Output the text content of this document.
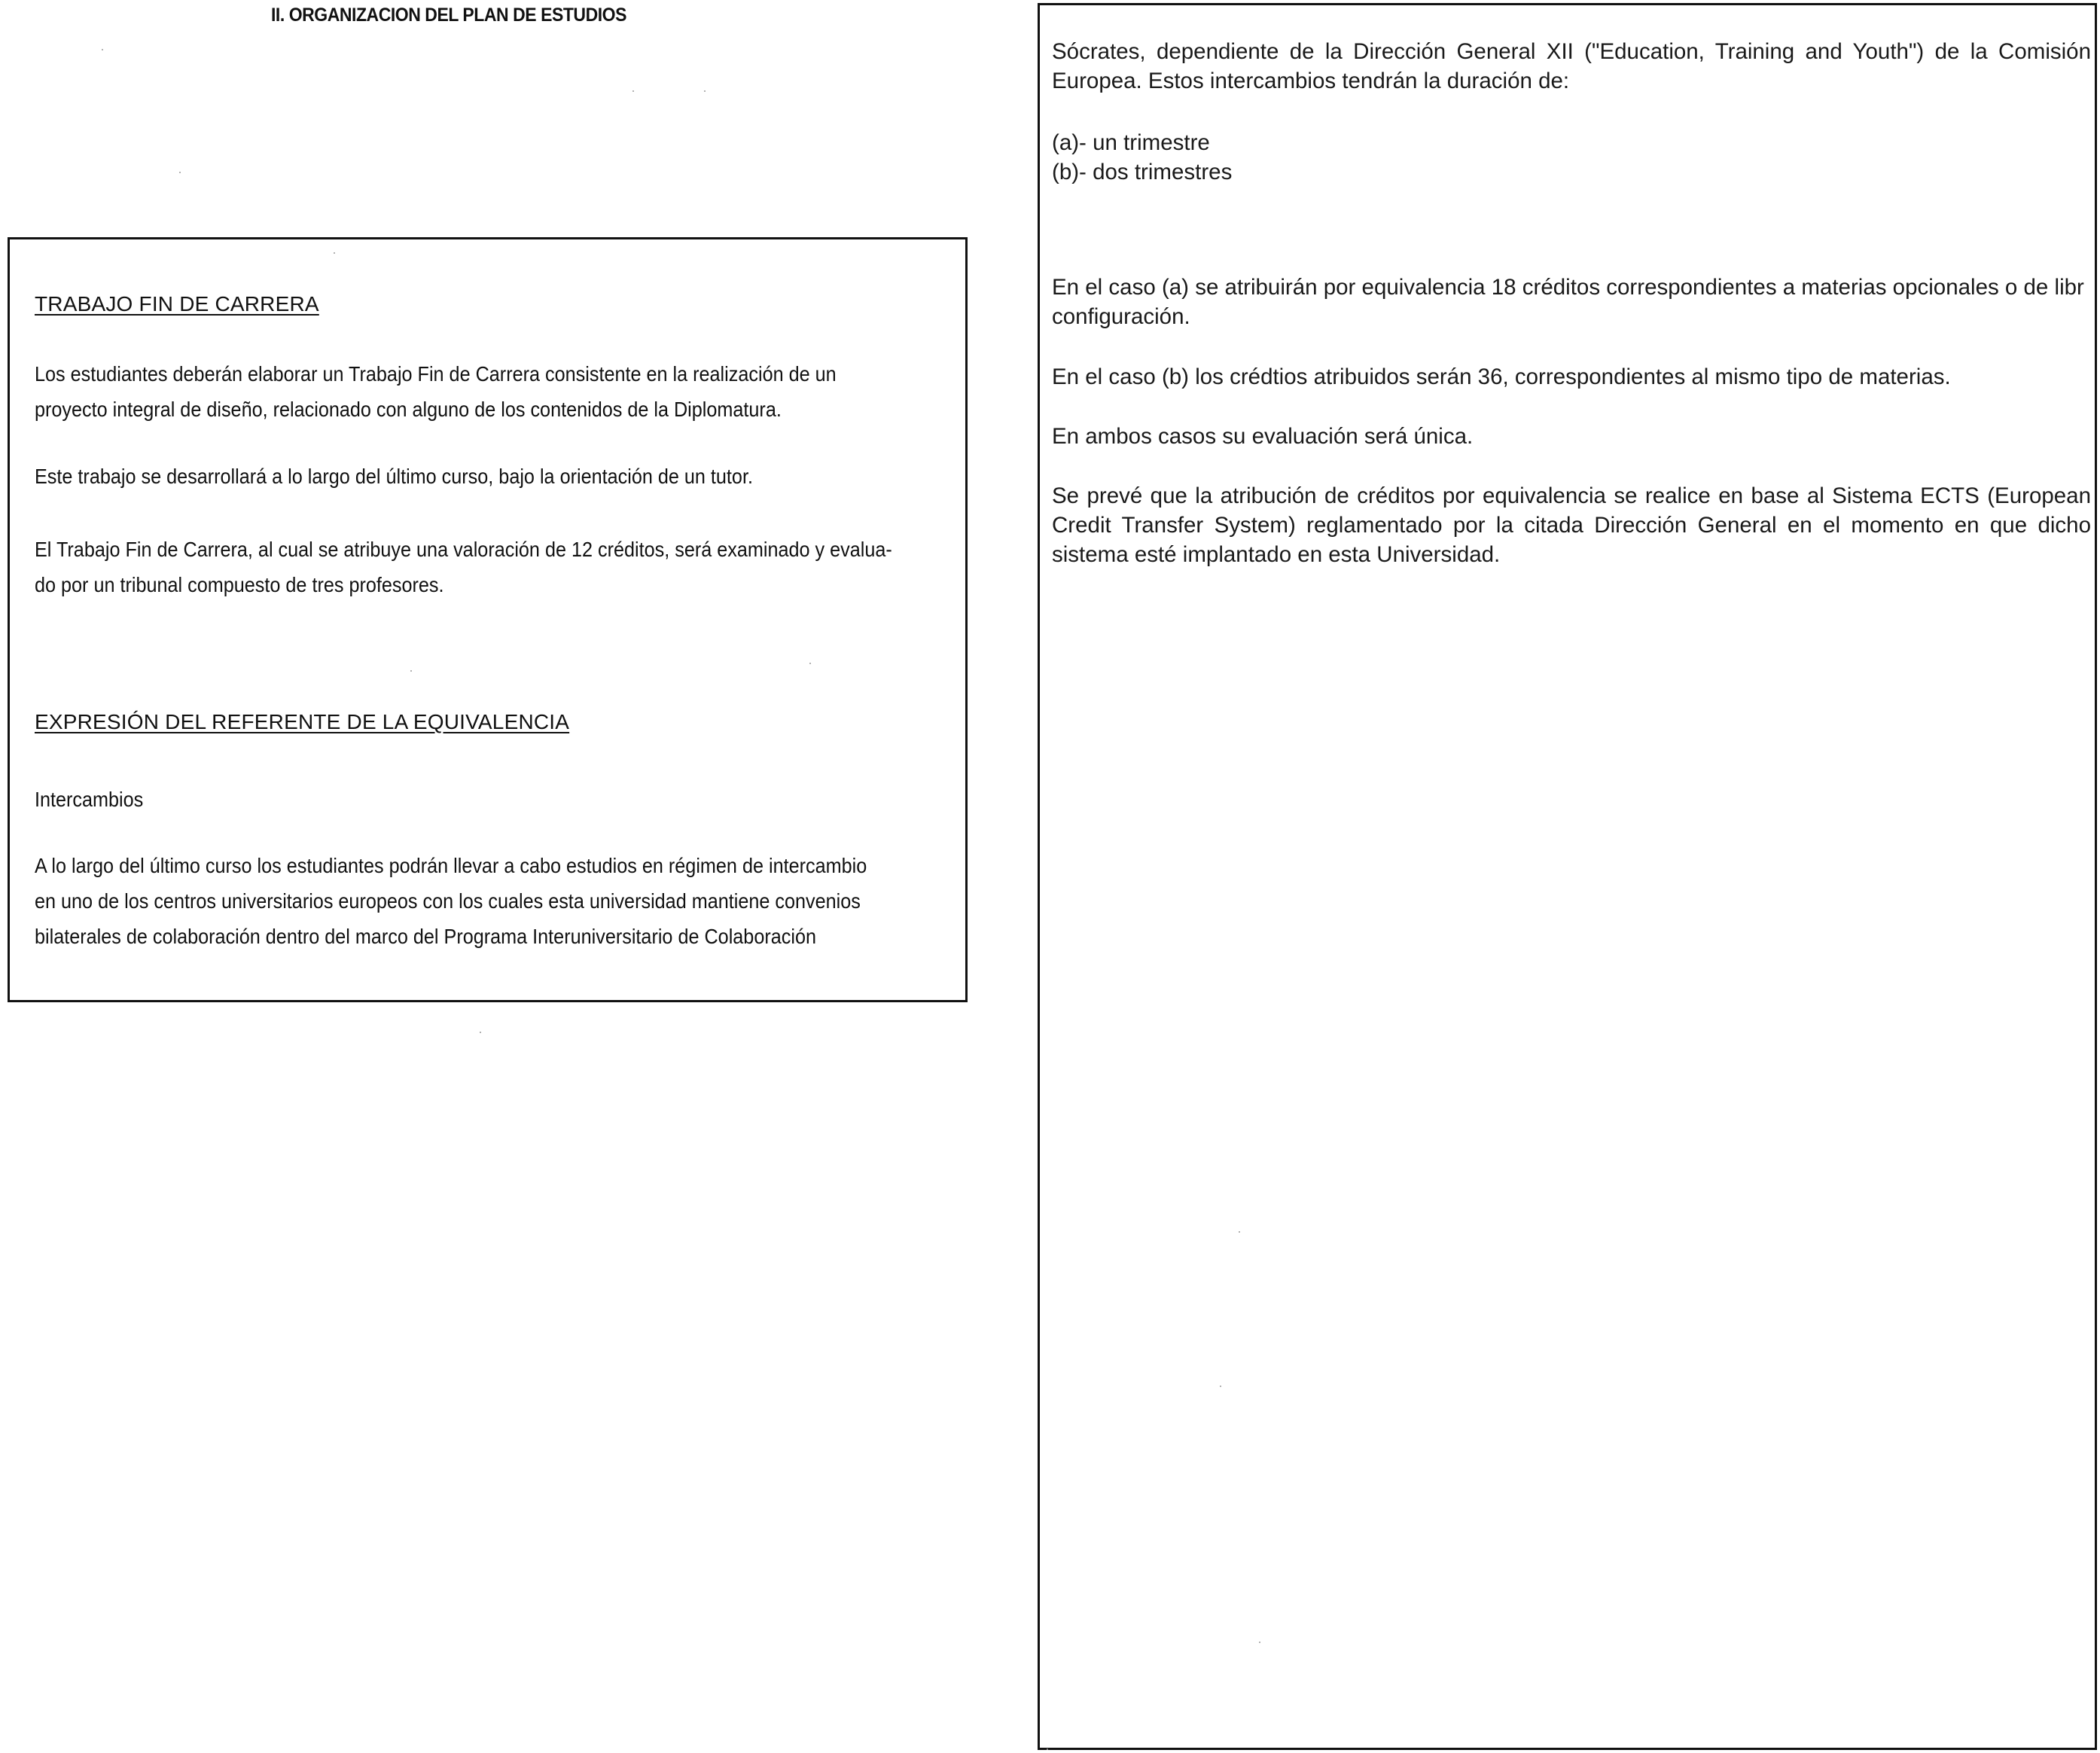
II. ORGANIZACION DEL PLAN DE ESTUDIOS
TRABAJO FIN DE CARRERA
Los estudiantes deberán elaborar un Trabajo Fin de Carrera consistente en la realización de un
proyecto integral de diseño, relacionado con alguno de los contenidos de la Diplomatura.
Este trabajo se desarrollará a lo largo del último curso, bajo la orientación de un tutor.
El Trabajo Fin de Carrera, al cual se atribuye una valoración de 12 créditos, será examinado y evalua-
do por un tribunal compuesto de tres profesores.
EXPRESIÓN DEL REFERENTE DE LA EQUIVALENCIA
Intercambios
A lo largo del último curso los estudiantes podrán llevar a cabo estudios en régimen de intercambio
en uno de los centros universitarios europeos con los cuales esta universidad mantiene convenios
bilaterales de colaboración dentro del marco del Programa Interuniversitario de Colaboración
Sócrates, dependiente de la Dirección General XII ("Education, Training and Youth") de la Comisión
Europea. Estos intercambios tendrán la duración de:
(a)- un trimestre
(b)- dos trimestres
En el caso (a) se atribuirán por equivalencia 18 créditos correspondientes a materias opcionales o de libr
configuración.
En el caso (b) los crédtios atribuidos serán 36, correspondientes al mismo tipo de materias.
En ambos casos su evaluación será única.
Se prevé que la atribución de créditos por equivalencia se realice en base al Sistema ECTS (European
Credit Transfer System) reglamentado por la citada Dirección General en el momento en que dicho
sistema esté implantado en esta Universidad.
